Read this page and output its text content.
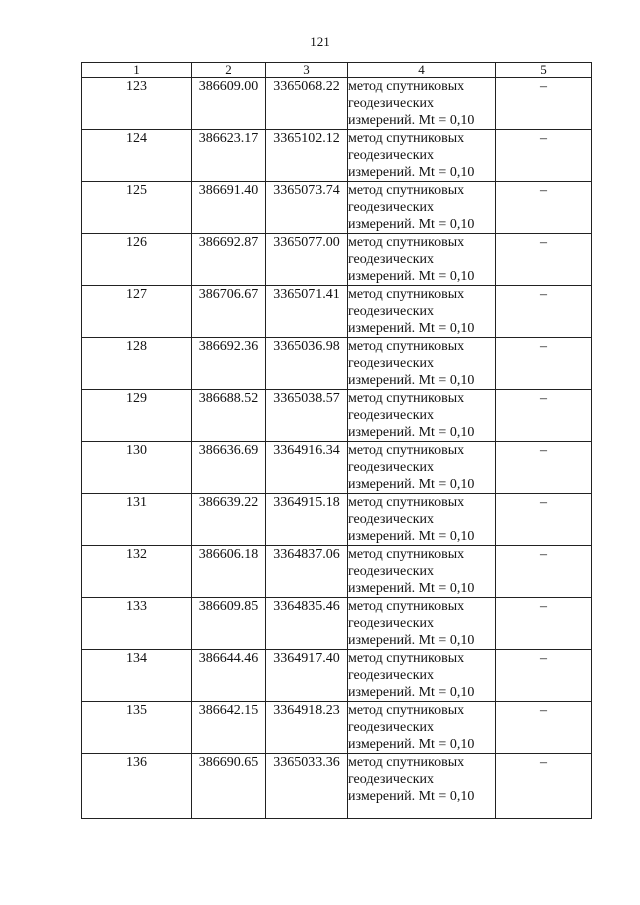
121
1	2	3	4	5
123	386609.00	3365068.22	метод спутниковых
геодезических
измерений. Mt = 0,10	–
124	386623.17	3365102.12	метод спутниковых
геодезических
измерений. Mt = 0,10	–
125	386691.40	3365073.74	метод спутниковых
геодезических
измерений. Mt = 0,10	–
126	386692.87	3365077.00	метод спутниковых
геодезических
измерений. Mt = 0,10	–
127	386706.67	3365071.41	метод спутниковых
геодезических
измерений. Mt = 0,10	–
128	386692.36	3365036.98	метод спутниковых
геодезических
измерений. Mt = 0,10	–
129	386688.52	3365038.57	метод спутниковых
геодезических
измерений. Mt = 0,10	–
130	386636.69	3364916.34	метод спутниковых
геодезических
измерений. Mt = 0,10	–
131	386639.22	3364915.18	метод спутниковых
геодезических
измерений. Mt = 0,10	–
132	386606.18	3364837.06	метод спутниковых
геодезических
измерений. Mt = 0,10	–
133	386609.85	3364835.46	метод спутниковых
геодезических
измерений. Mt = 0,10	–
134	386644.46	3364917.40	метод спутниковых
геодезических
измерений. Mt = 0,10	–
135	386642.15	3364918.23	метод спутниковых
геодезических
измерений. Mt = 0,10	–
136	386690.65	3365033.36	метод спутниковых
геодезических
измерений. Mt = 0,10	–
